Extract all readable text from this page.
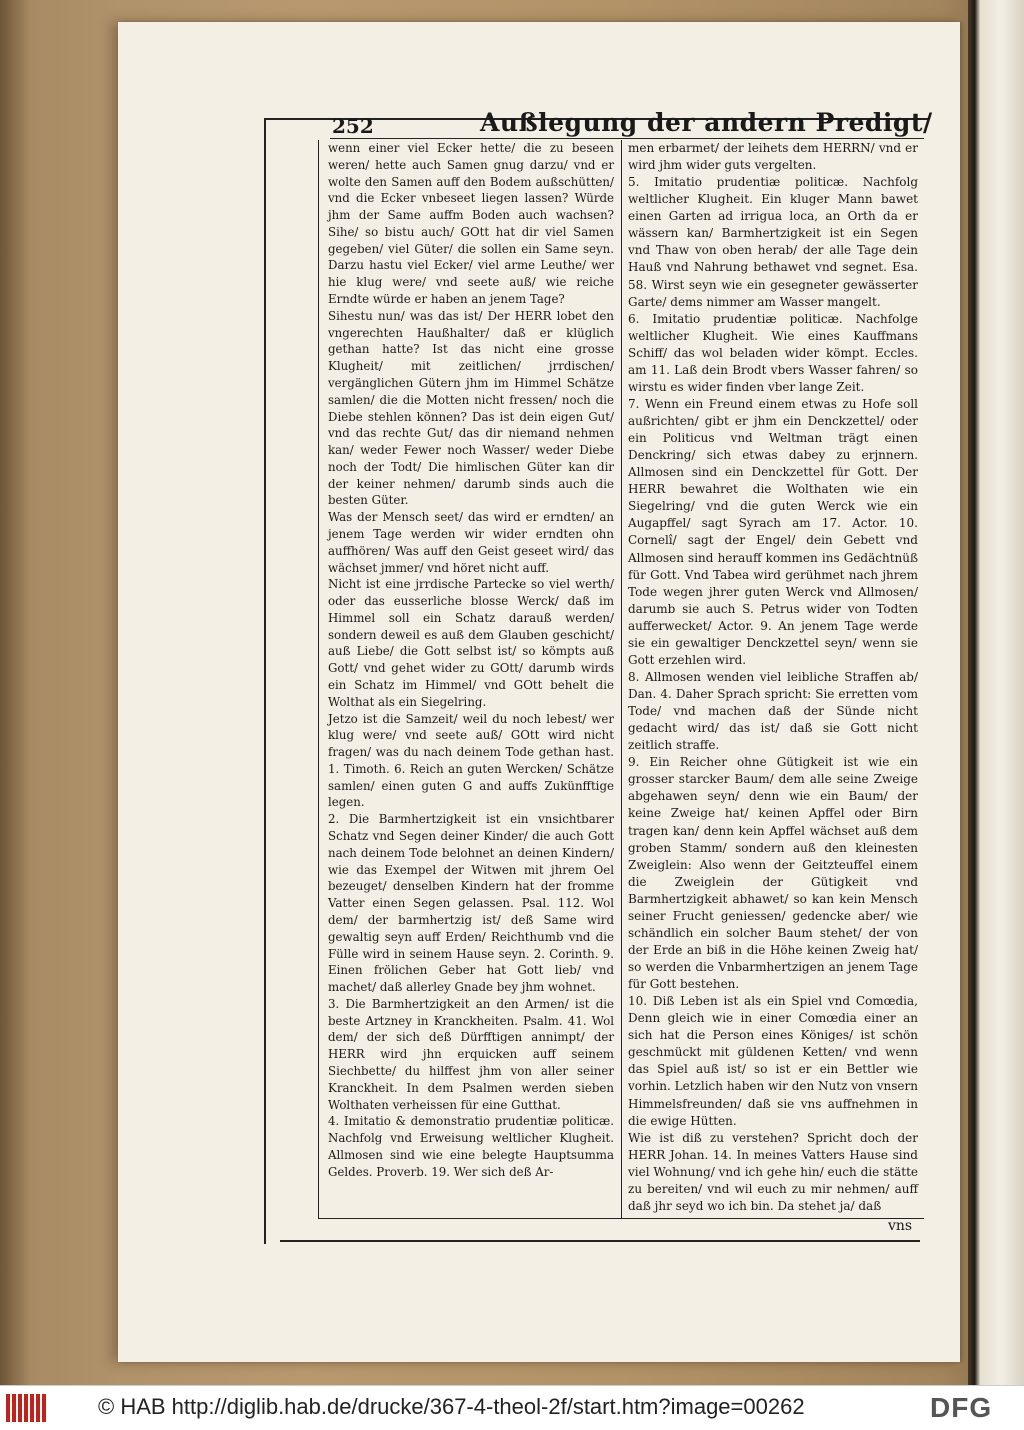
252	Außlegung der andern Predigt/

wenn einer viel Ecker hette/ die zu beseen weren/ hette auch Samen gnug darzu/ vnd er wolte den Samen auff den Bodem außschütten/ vnd die Ecker vnbeseet liegen lassen? Würde jhm der Same auffm Boden auch wachsen? Sihe/ so bistu auch/ GOtt hat dir viel Samen gegeben/ viel Güter/ die sollen ein Same seyn. Darzu hastu viel Ecker/ viel arme Leuthe/ wer hie klug were/ vnd seete auß/ wie reiche Erndte würde er haben an jenem Tage?

Sihestu nun/ was das ist/ Der HERR lobet den vngerechten Haußhalter/ daß er klüglich gethan hatte? Ist das nicht eine grosse Klugheit/ mit zeitlichen/ jrrdischen/ vergänglichen Gütern jhm im Himmel Schätze samlen/ die die Motten nicht fressen/ noch die Diebe stehlen können? Das ist dein eigen Gut/ vnd das rechte Gut/ das dir niemand nehmen kan/ weder Fewer noch Wasser/ weder Diebe noch der Todt/ Die himlischen Güter kan dir der keiner nehmen/ darumb sinds auch die besten Güter.

Was der Mensch seet/ das wird er erndten/ an jenem Tage werden wir wider erndten ohn auffhören/ Was auff den Geist geseet wird/ das wächset jmmer/ vnd höret nicht auff.

Nicht ist eine jrrdische Partecke so viel werth/ oder das eusserliche blosse Werck/ daß im Himmel soll ein Schatz darauß werden/ sondern deweil es auß dem Glauben geschicht/ auß Liebe/ die Gott selbst ist/ so kömpts auß Gott/ vnd gehet wider zu GOtt/ darumb wirds ein Schatz im Himmel/ vnd GOtt behelt die Wolthat als ein Siegelring.

Jetzo ist die Samzeit/ weil du noch lebest/ wer klug were/ vnd seete auß/ GOtt wird nicht fragen/ was du nach deinem Tode gethan hast. 1. Timoth. 6. Reich an guten Wercken/ Schätze samlen/ einen guten G and auffs Zukünfftige legen.

2. Die Barmhertzigkeit ist ein vnsichtbarer Schatz vnd Segen deiner Kinder/ die auch Gott nach deinem Tode belohnet an deinen Kindern/ wie das Exempel der Witwen mit jhrem Oel bezeuget/ denselben Kindern hat der fromme Vatter einen Segen gelassen. Psal. 112. Wol dem/ der barmhertzig ist/ deß Same wird gewaltig seyn auff Erden/ Reichthumb vnd die Fülle wird in seinem Hause seyn. 2. Corinth. 9. Einen frölichen Geber hat Gott lieb/ vnd machet/ daß allerley Gnade bey jhm wohnet.

3. Die Barmhertzigkeit an den Armen/ ist die beste Artzney in Kranckheiten. Psalm. 41. Wol dem/ der sich deß Dürfftigen annimpt/ der HERR wird jhn erquicken auff seinem Siechbette/ du hilffest jhm von aller seiner Kranckheit. In dem Psalmen werden sieben Wolthaten verheissen für eine Gutthat.

4. Imitatio & demonstratio prudentiæ politicæ. Nachfolg vnd Erweisung weltlicher Klugheit. Allmosen sind wie eine belegte Hauptsumma Geldes. Proverb. 19. Wer sich deß Ar-

men erbarmet/ der leihets dem HERRN/ vnd er wird jhm wider guts vergelten.

5. Imitatio prudentiæ politicæ. Nachfolg weltlicher Klugheit. Ein kluger Mann bawet einen Garten ad irrigua loca, an Orth da er wässern kan/ Barmhertzigkeit ist ein Segen vnd Thaw von oben herab/ der alle Tage dein Hauß vnd Nahrung bethawet vnd segnet. Esa. 58. Wirst seyn wie ein gesegneter gewässerter Garte/ dems nimmer am Wasser mangelt.

6. Imitatio prudentiæ politicæ. Nachfolge weltlicher Klugheit. Wie eines Kauffmans Schiff/ das wol beladen wider kömpt. Eccles. am 11. Laß dein Brodt vbers Wasser fahren/ so wirstu es wider finden vber lange Zeit.

7. Wenn ein Freund einem etwas zu Hofe soll außrichten/ gibt er jhm ein Denckzettel/ oder ein Politicus vnd Weltman trägt einen Denckring/ sich etwas dabey zu erjnnern. Allmosen sind ein Denckzettel für Gott. Der HERR bewahret die Wolthaten wie ein Siegelring/ vnd die guten Werck wie ein Augapffel/ sagt Syrach am 17. Actor. 10. Cornelî/ sagt der Engel/ dein Gebett vnd Allmosen sind herauff kommen ins Gedächtnüß für Gott. Vnd Tabea wird gerühmet nach jhrem Tode wegen jhrer guten Werck vnd Allmosen/ darumb sie auch S. Petrus wider von Todten aufferwecket/ Actor. 9. An jenem Tage werde sie ein gewaltiger Denckzettel seyn/ wenn sie Gott erzehlen wird.

8. Allmosen wenden viel leibliche Straffen ab/ Dan. 4. Daher Sprach spricht: Sie erretten vom Tode/ vnd machen daß der Sünde nicht gedacht wird/ das ist/ daß sie Gott nicht zeitlich straffe.

9. Ein Reicher ohne Gütigkeit ist wie ein grosser starcker Baum/ dem alle seine Zweige abgehawen seyn/ denn wie ein Baum/ der keine Zweige hat/ keinen Apffel oder Birn tragen kan/ denn kein Apffel wächset auß dem groben Stamm/ sondern auß den kleinesten Zweiglein: Also wenn der Geitzteuffel einem die Zweiglein der Gütigkeit vnd Barmhertzigkeit abhawet/ so kan kein Mensch seiner Frucht geniessen/ gedencke aber/ wie schändlich ein solcher Baum stehet/ der von der Erde an biß in die Höhe keinen Zweig hat/ so werden die Vnbarmhertzigen an jenem Tage für Gott bestehen.

10. Diß Leben ist als ein Spiel vnd Comœdia, Denn gleich wie in einer Comœdia einer an sich hat die Person eines Königes/ ist schön geschmückt mit güldenen Ketten/ vnd wenn das Spiel auß ist/ so ist er ein Bettler wie vorhin. Letzlich haben wir den Nutz von vnsern Himmelsfreunden/ daß sie vns auffnehmen in die ewige Hütten.

Wie ist diß zu verstehen? Spricht doch der HERR Johan. 14. In meines Vatters Hause sind viel Wohnung/ vnd ich gehe hin/ euch die stätte zu bereiten/ vnd wil euch zu mir nehmen/ auff daß jhr seyd wo ich bin. Da stehet ja/ daß

vns
© HAB http://diglib.hab.de/drucke/367-4-theol-2f/start.htm?image=00262	DFG
